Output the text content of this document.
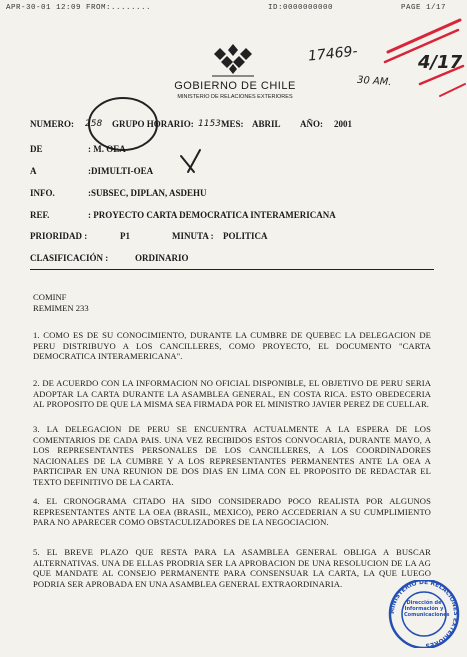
APR-30-01 12:09 FROM:........	ID:0000000000	PAGE 1/17
GOBIERNO DE CHILE
MINISTERIO DE RELACIONES EXTERIORES
17469-
30 AM.
4/17
NUMERO: 258 GRUPO HORARIO: 1153 MES: ABRIL AÑO: 2001
DE	: M. OEA
A	:DIMULTI-OEA
INFO.	:SUBSEC, DIPLAN, ASDEHU
REF.	: PROYECTO CARTA DEMOCRATICA INTERAMERICANA
PRIORIDAD :	P1	MINUTA : POLITICA
CLASIFICACIÓN :	ORDINARIO
COMINF
REMIMEN 233
1. COMO ES DE SU CONOCIMIENTO, DURANTE LA CUMBRE DE QUEBEC LA DELEGACION DE PERU DISTRIBUYO A LOS CANCILLERES, COMO PROYECTO, EL DOCUMENTO "CARTA DEMOCRATICA INTERAMERICANA".
2. DE ACUERDO CON LA INFORMACION NO OFICIAL DISPONIBLE, EL OBJETIVO DE PERU SERIA ADOPTAR LA CARTA DURANTE LA ASAMBLEA GENERAL, EN COSTA RICA. ESTO OBEDECERIA AL PROPOSITO DE QUE LA MISMA SEA FIRMADA POR EL MINISTRO JAVIER PEREZ DE CUELLAR.
3. LA DELEGACION DE PERU SE ENCUENTRA ACTUALMENTE A LA ESPERA DE LOS COMENTARIOS DE CADA PAIS. UNA VEZ RECIBIDOS ESTOS CONVOCARIA, DURANTE MAYO, A LOS REPRESENTANTES PERSONALES DE LOS CANCILLERES, A LOS COORDINADORES NACIONALES DE LA CUMBRE Y A LOS REPRESENTANTES PERMANENTES ANTE LA OEA A PARTICIPAR EN UNA REUNION DE DOS DIAS EN LIMA CON EL PROPOSITO DE REDACTAR EL TEXTO DEFINITIVO DE LA CARTA.
4. EL CRONOGRAMA CITADO HA SIDO CONSIDERADO POCO REALISTA POR ALGUNOS REPRESENTANTES ANTE LA OEA (BRASIL, MEXICO), PERO ACCEDERIAN A SU CUMPLIMIENTO PARA NO APARECER COMO OBSTACULIZADORES DE LA NEGOCIACION.
5. EL BREVE PLAZO QUE RESTA PARA LA ASAMBLEA GENERAL OBLIGA A BUSCAR ALTERNATIVAS. UNA DE ELLAS PRODRIA SER LA APROBACION DE UNA RESOLUCION DE LA AG QUE MANDATE AL CONSEJO PERMANENTE PARA CONSENSUAR LA CARTA, LA QUE LUEGO PODRIA SER APROBADA EN UNA ASAMBLEA GENERAL EXTRAORDINARIA.
MINISTERIO DE RELACIONES EXTERIORES
Dirección de Información y Comunicaciones
